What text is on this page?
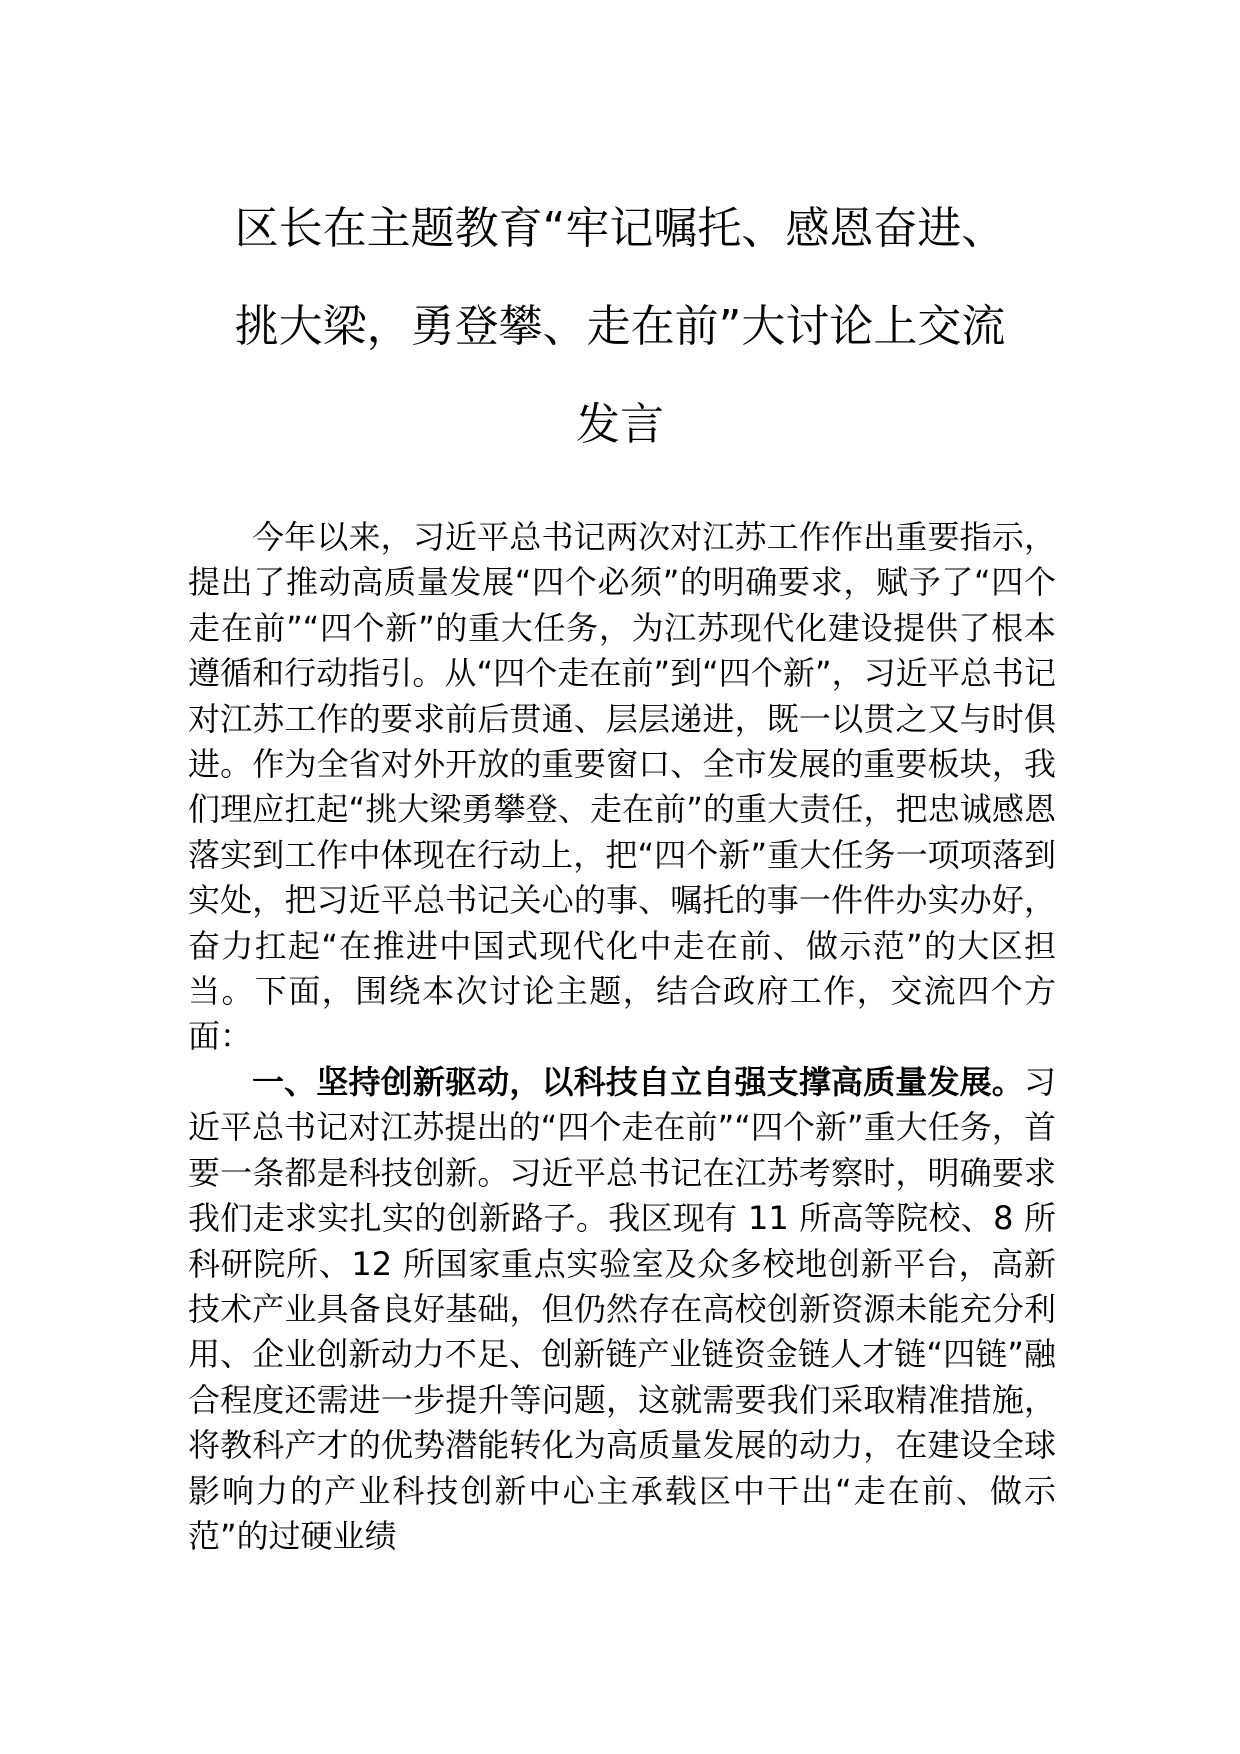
区长在主题教育“牢记嘱托、感恩奋进、
挑大梁，勇登攀、走在前”大讨论上交流
发言

今年以来，习近平总书记两次对江苏工作作出重要指示，提出了推动高质量发展“四个必须”的明确要求，赋予了“四个走在前”“四个新”的重大任务，为江苏现代化建设提供了根本遵循和行动指引。从“四个走在前”到“四个新”，习近平总书记对江苏工作的要求前后贯通、层层递进，既一以贯之又与时俱进。作为全省对外开放的重要窗口、全市发展的重要板块，我们理应扛起“挑大梁勇攀登、走在前”的重大责任，把忠诚感恩落实到工作中体现在行动上，把“四个新”重大任务一项项落到实处，把习近平总书记关心的事、嘱托的事一件件办实办好，奋力扛起“在推进中国式现代化中走在前、做示范”的大区担当。下面，围绕本次讨论主题，结合政府工作，交流四个方面：

一、坚持创新驱动，以科技自立自强支撑高质量发展。习近平总书记对江苏提出的“四个走在前”“四个新”重大任务，首要一条都是科技创新。习近平总书记在江苏考察时，明确要求我们走求实扎实的创新路子。我区现有 11 所高等院校、8 所科研院所、12 所国家重点实验室及众多校地创新平台，高新技术产业具备良好基础，但仍然存在高校创新资源未能充分利用、企业创新动力不足、创新链产业链资金链人才链“四链”融合程度还需进一步提升等问题，这就需要我们采取精准措施，将教科产才的优势潜能转化为高质量发展的动力，在建设全球影响力的产业科技创新中心主承载区中干出“走在前、做示范”的过硬业绩
